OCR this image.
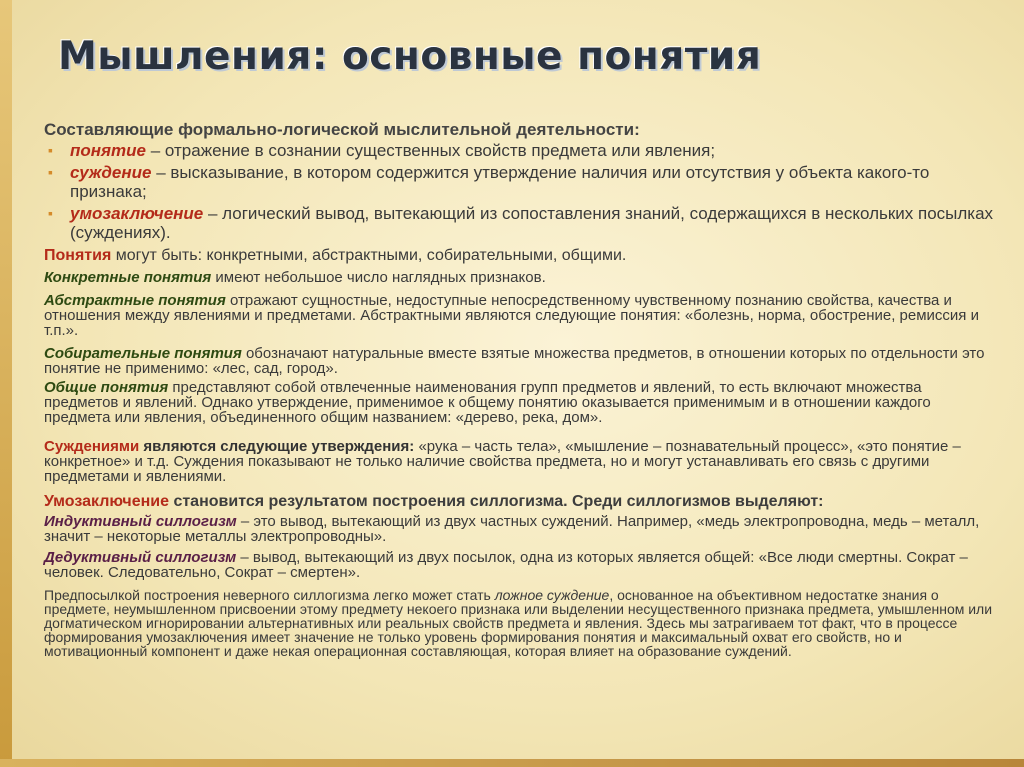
Мышления: основные понятия

Составляющие формально-логической мыслительной деятельности:

▪ понятие – отражение в сознании существенных свойств предмета или явления;
▪ суждение – высказывание, в котором содержится утверждение наличия или отсутствия у объекта какого-то признака;
▪ умозаключение – логический вывод, вытекающий из сопоставления знаний, содержащихся в нескольких посылках (суждениях).

Понятия могут быть: конкретными, абстрактными, собирательными, общими.

Конкретные понятия имеют небольшое число наглядных признаков.

Абстрактные понятия отражают сущностные, недоступные непосредственному чувственному познанию свойства, качества и отношения между явлениями и предметами. Абстрактными являются следующие понятия: «болезнь, норма, обострение, ремиссия и т.п.».

Собирательные понятия обозначают натуральные вместе взятые множества предметов, в отношении которых по отдельности это понятие не применимо: «лес, сад, город».

Общие понятия представляют собой отвлеченные наименования групп предметов и явлений, то есть включают множества предметов и явлений. Однако утверждение, применимое к общему понятию оказывается применимым и в отношении каждого предмета или явления, объединенного общим названием: «дерево, река, дом».

Суждениями являются следующие утверждения: «рука – часть тела», «мышление – познавательный процесс», «это понятие – конкретное» и т.д. Суждения показывают не только наличие свойства предмета, но и могут устанавливать его связь с другими предметами и явлениями.

Умозаключение становится результатом построения силлогизма. Среди силлогизмов выделяют:

Индуктивный силлогизм – это вывод, вытекающий из двух частных суждений. Например, «медь электропроводна, медь – металл, значит – некоторые металлы электропроводны».

Дедуктивный силлогизм – вывод, вытекающий из двух посылок, одна из которых является общей: «Все люди смертны. Сократ – человек. Следовательно, Сократ – смертен».

Предпосылкой построения неверного силлогизма легко может стать ложное суждение, основанное на объективном недостатке знания о предмете, неумышленном присвоении этому предмету некоего признака или выделении несущественного признака предмета, умышленном или догматическом игнорировании альтернативных или реальных свойств предмета и явления. Здесь мы затрагиваем тот факт, что в процессе формирования умозаключения имеет значение не только уровень формирования понятия и максимальный охват его свойств, но и мотивационный компонент и даже некая операционная составляющая, которая влияет на образование суждений.
